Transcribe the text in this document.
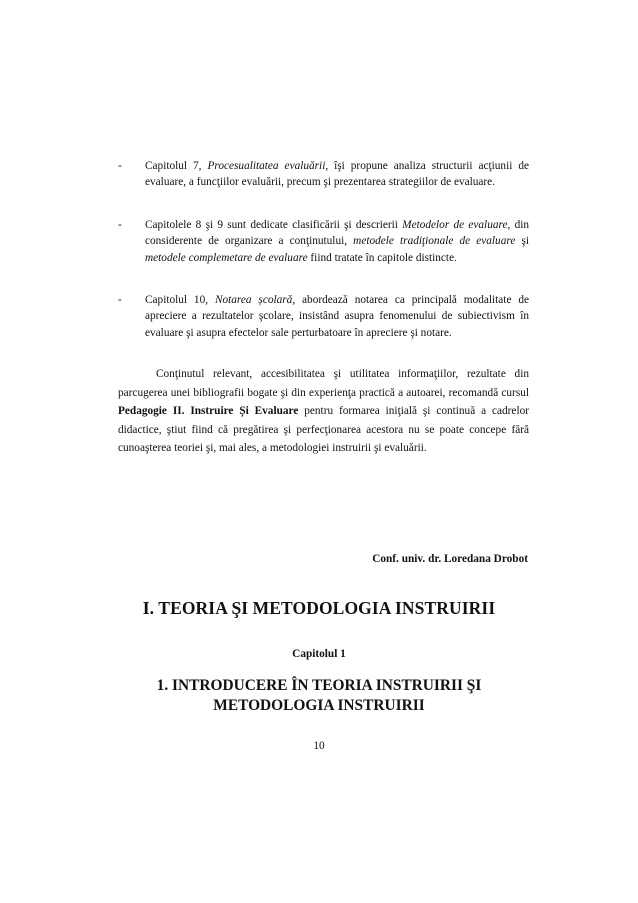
- Capitolul 7, Procesualitatea evaluării, îşi propune analiza structurii acţiunii de evaluare, a funcţiilor evaluării, precum şi prezentarea strategiilor de evaluare.
- Capitolele 8 şi 9 sunt dedicate clasificării şi descrierii Metodelor de evaluare, din considerente de organizare a conţinutului, metodele tradiţionale de evaluare şi metodele complemetare de evaluare fiind tratate în capitole distincte.
- Capitolul 10, Notarea școlară, abordează notarea ca principală modalitate de apreciere a rezultatelor şcolare, insistând asupra fenomenului de subiectivism în evaluare şi asupra efectelor sale perturbatoare în apreciere şi notare.

Conţinutul relevant, accesibilitatea şi utilitatea informaţiilor, rezultate din parcugerea unei bibliografii bogate şi din experienţa practică a autoarei, recomandă cursul Pedagogie II. Instruire Și Evaluare pentru formarea iniţială şi continuă a cadrelor didactice, ştiut fiind că pregătirea şi perfecţionarea acestora nu se poate concepe fără cunoaşterea teoriei şi, mai ales, a metodologiei instruirii şi evaluării.

Conf. univ. dr. Loredana Drobot
I. TEORIA ŞI METODOLOGIA INSTRUIRII
Capitolul 1
1. INTRODUCERE ÎN TEORIA INSTRUIRII ŞI
METODOLOGIA INSTRUIRII
10
